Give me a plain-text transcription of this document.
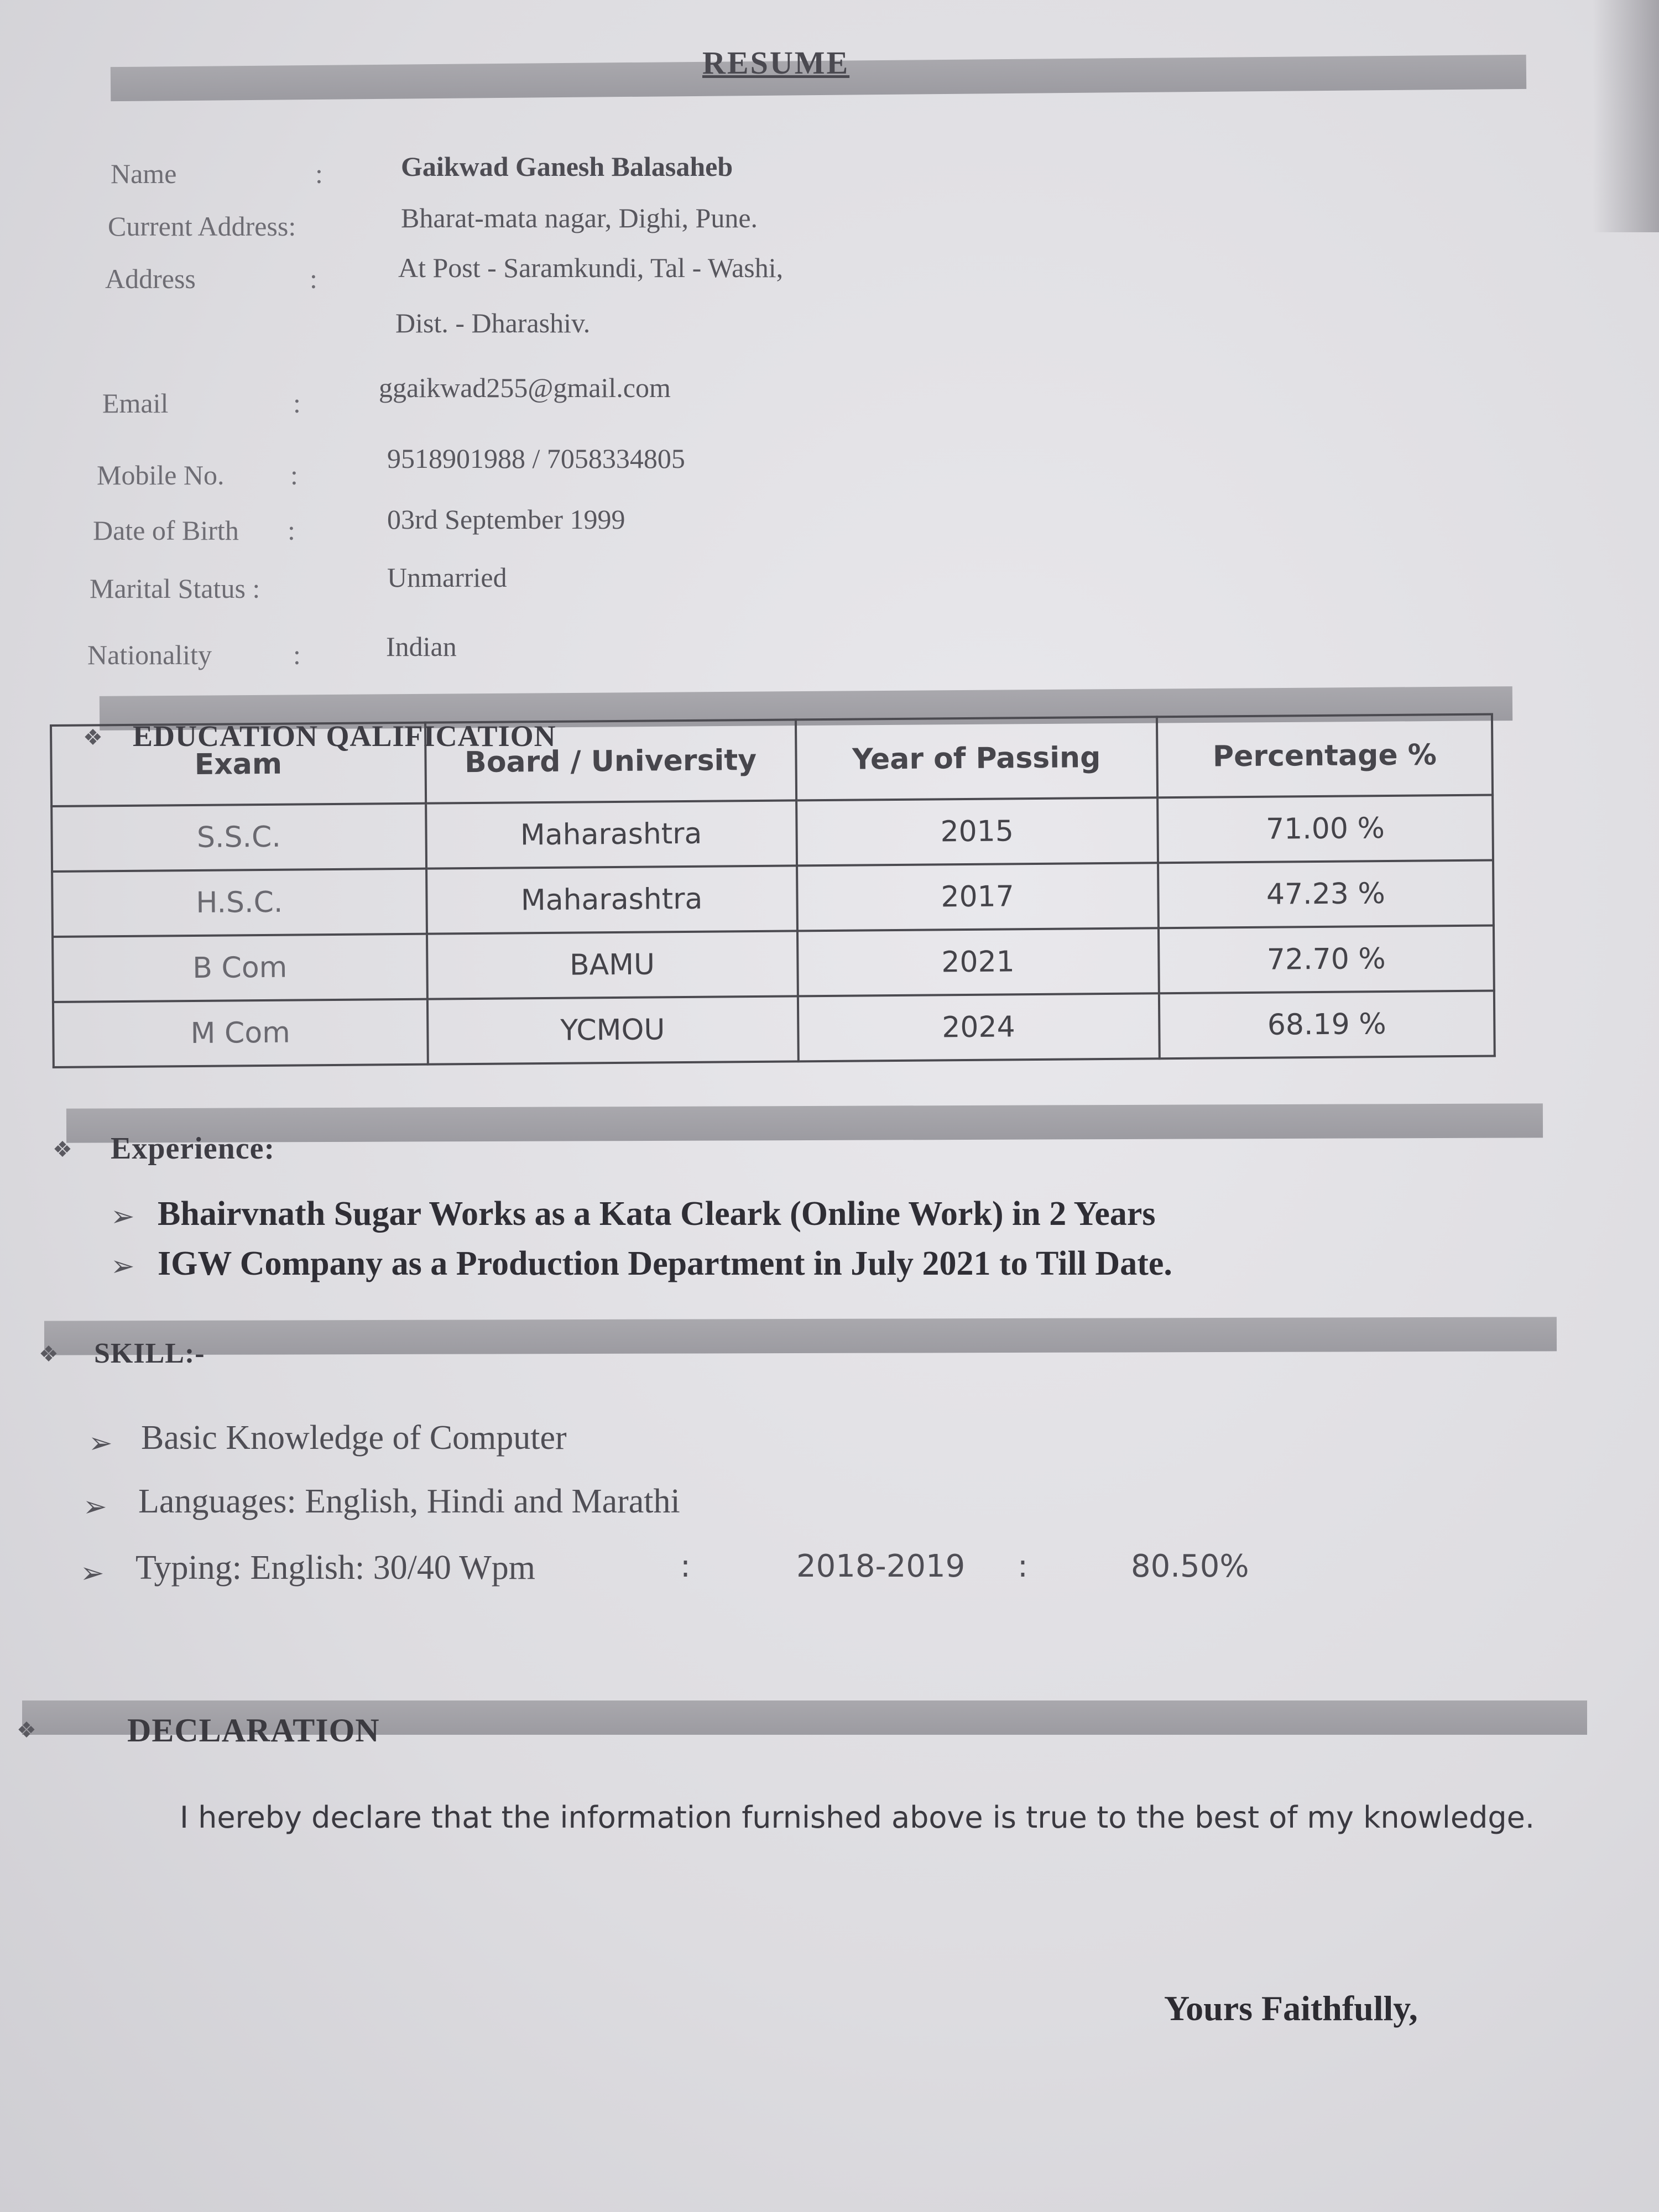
RESUME
Name	:	Gaikwad Ganesh Balasaheb
Current Address:	Bharat-mata nagar, Dighi, Pune.
Address	:	At Post - Saramkundi, Tal - Washi,
Dist. - Dharashiv.
Email	:	ggaikwad255@gmail.com
Mobile No. :
9518901988 / 7058334805
Date of Birth :	03rd September 1999
Marital Status :	Unmarried
Nationality	:	Indian
❖ EDUCATION QALIFICATION
Exam	Board / University	Year of Passing	Percentage %
S.S.C.	Maharashtra	2015	71.00 %
H.S.C.	Maharashtra	2017	47.23 %
B Com	BAMU	2021	72.70 %
M Com	YCMOU	2024	68.19 %
❖ Experience:
➢ Bhairvnath Sugar Works as a Kata Cleark (Online Work) in 2 Years
➢ IGW Company as a Production Department in July 2021 to Till Date.
❖ SKILL:-
➢ Basic Knowledge of Computer
➢ Languages: English, Hindi and Marathi
➢ Typing: English: 30/40 Wpm	:	2018-2019 :	80.50%
❖	DECLARATION
I hereby declare that the information furnished above is true to the best of my knowledge.
Yours Faithfully,
